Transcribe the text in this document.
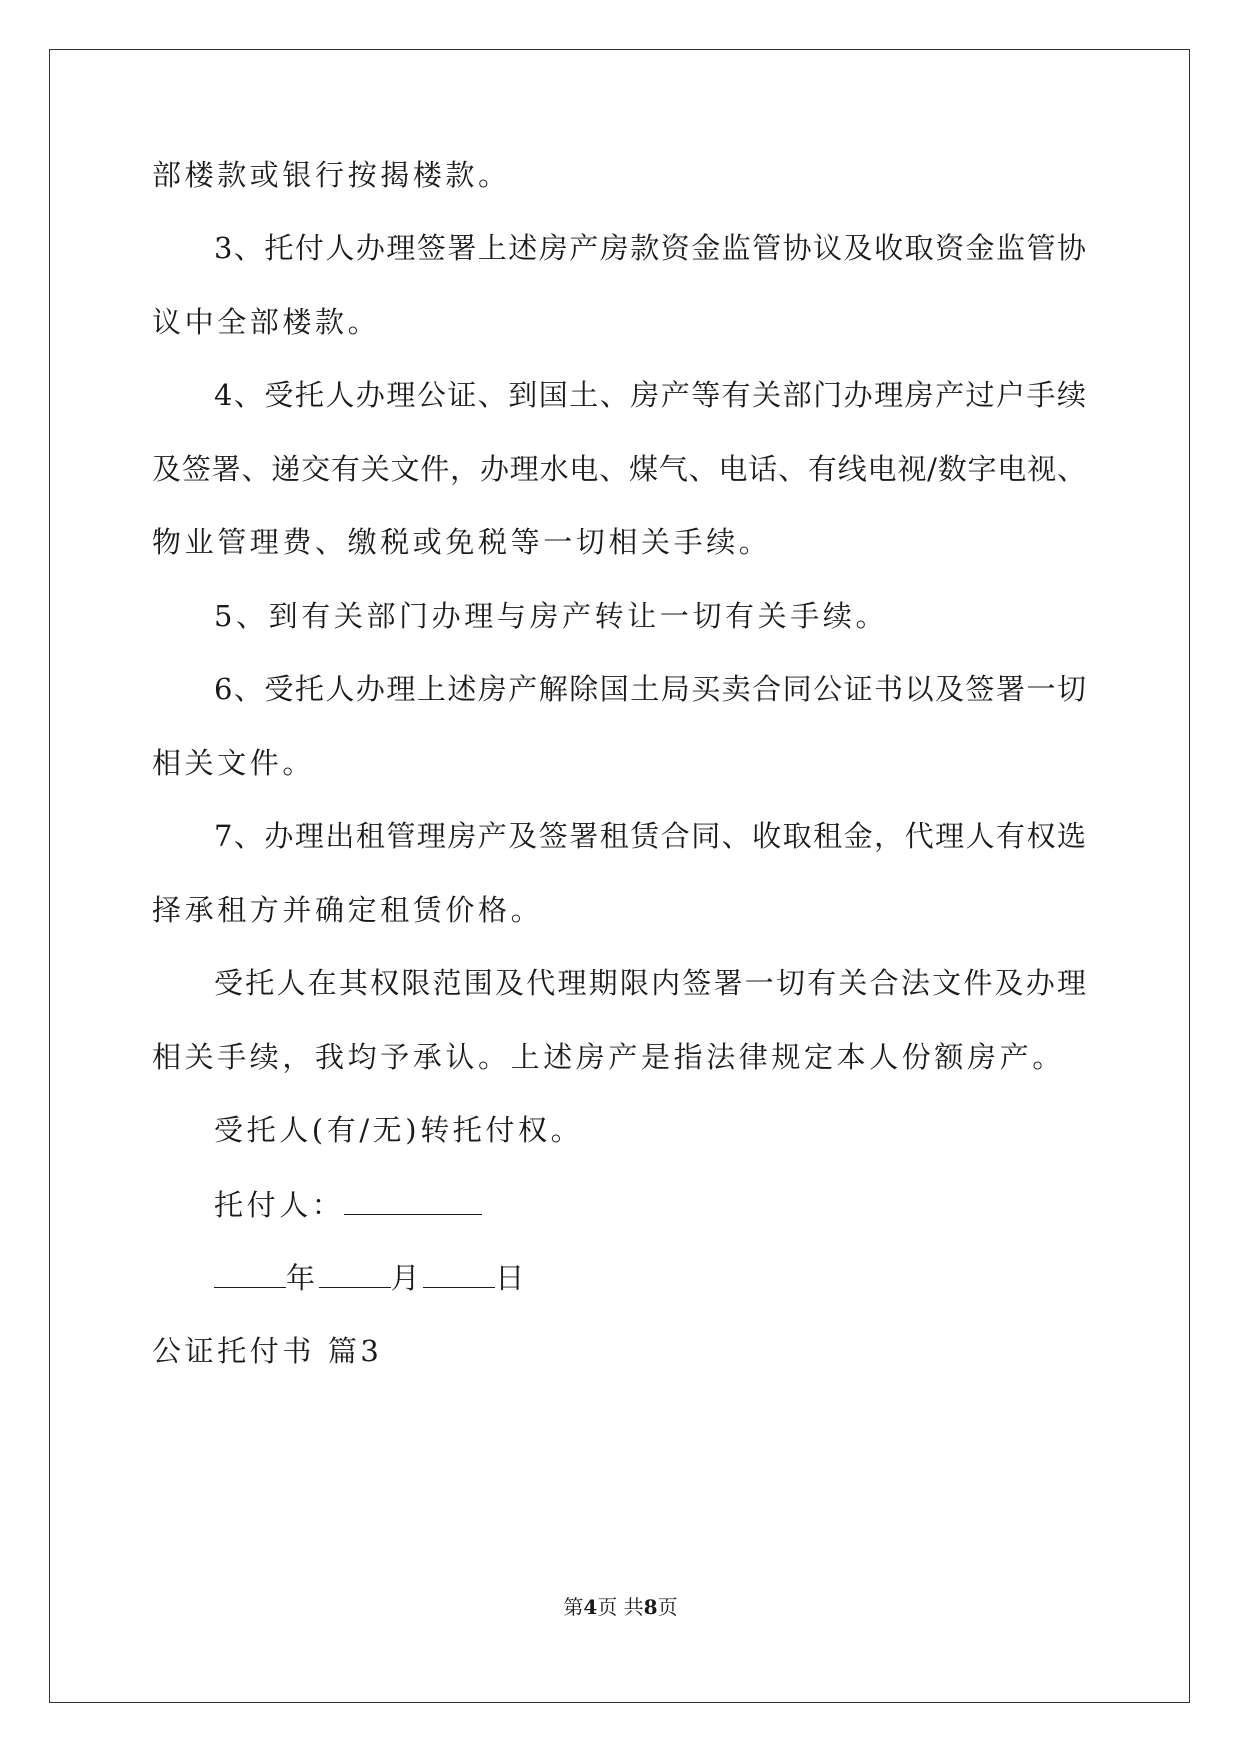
部楼款或银行按揭楼款。
3、托付人办理签署上述房产房款资金监管协议及收取资金监管协
议中全部楼款。
4、受托人办理公证、到国土、房产等有关部门办理房产过户手续
及签署、递交有关文件，办理水电、煤气、电话、有线电视/数字电视、
物业管理费、缴税或免税等一切相关手续。
5、到有关部门办理与房产转让一切有关手续。
6、受托人办理上述房产解除国土局买卖合同公证书以及签署一切
相关文件。
7、办理出租管理房产及签署租赁合同、收取租金，代理人有权选
择承租方并确定租赁价格。
受托人在其权限范围及代理期限内签署一切有关合法文件及办理
相关手续，我均予承认。上述房产是指法律规定本人份额房产。
受托人(有/无)转托付权。
托付人：
年 月 日
公证托付书 篇3
第4页 共8页
